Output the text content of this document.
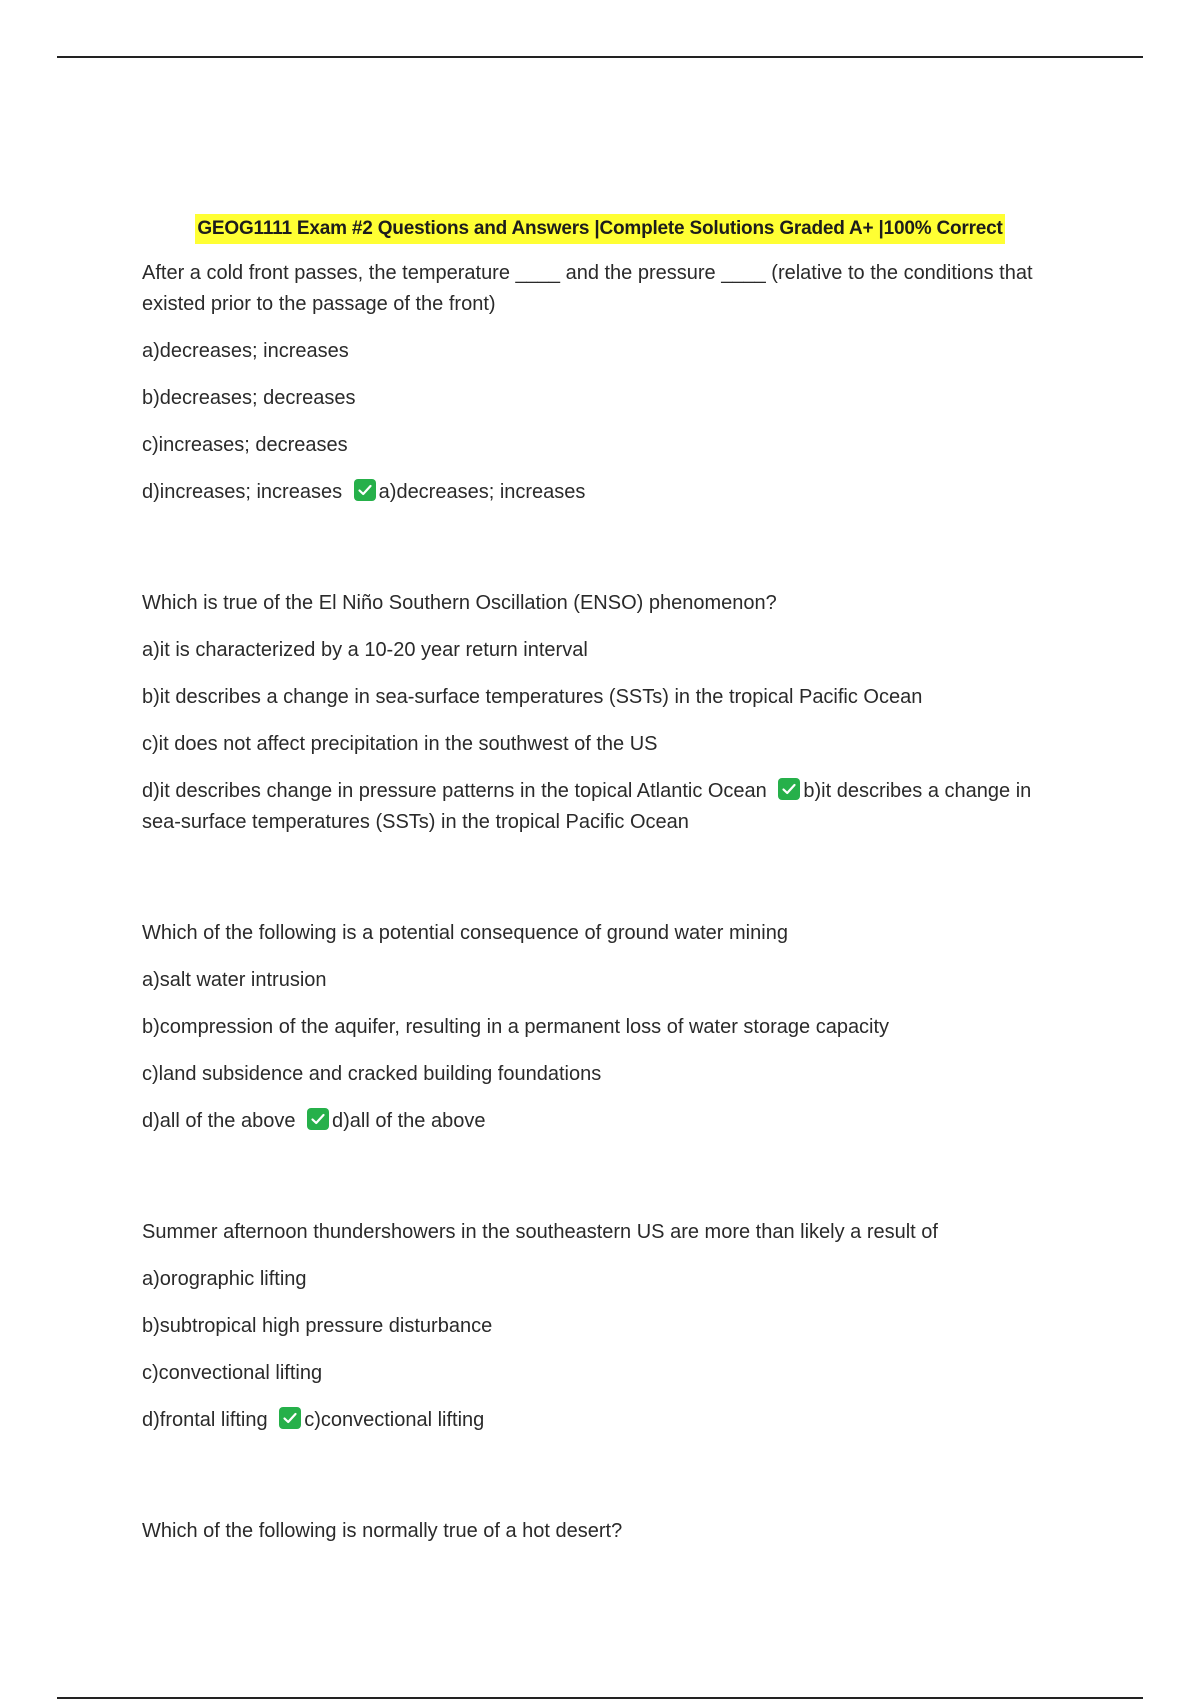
GEOG1111 Exam #2 Questions and Answers |Complete Solutions Graded A+ |100% Correct

After a cold front passes, the temperature ____ and the pressure ____ (relative to the conditions that existed prior to the passage of the front)

a)decreases; increases

b)decreases; decreases

c)increases; decreases

d)increases; increases a)decreases; increases

Which is true of the El Niño Southern Oscillation (ENSO) phenomenon?

a)it is characterized by a 10-20 year return interval

b)it describes a change in sea-surface temperatures (SSTs) in the tropical Pacific Ocean

c)it does not affect precipitation in the southwest of the US

d)it describes change in pressure patterns in the topical Atlantic Ocean b)it describes a change in sea-surface temperatures (SSTs) in the tropical Pacific Ocean

Which of the following is a potential consequence of ground water mining

a)salt water intrusion

b)compression of the aquifer, resulting in a permanent loss of water storage capacity

c)land subsidence and cracked building foundations

d)all of the above d)all of the above

Summer afternoon thundershowers in the southeastern US are more than likely a result of

a)orographic lifting

b)subtropical high pressure disturbance

c)convectional lifting

d)frontal lifting c)convectional lifting

Which of the following is normally true of a hot desert?
